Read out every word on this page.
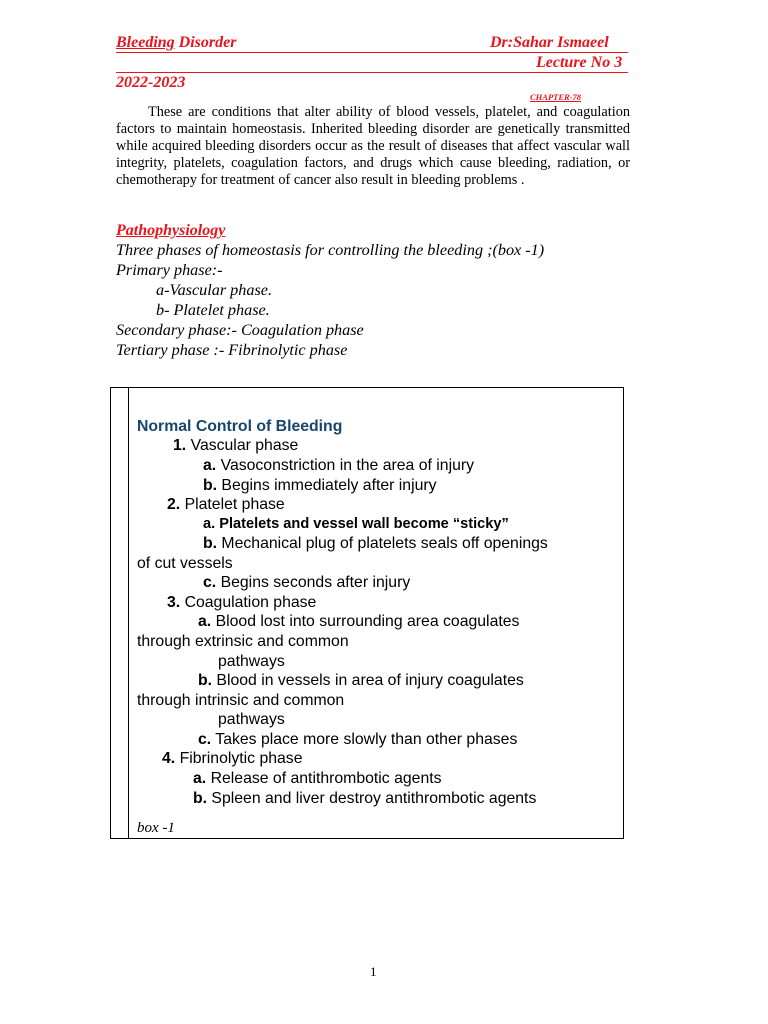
Bleeding Disorder	Dr:Sahar Ismaeel
Lecture No 3
2022-2023
CHAPTER-78
These are conditions that alter ability of blood vessels, platelet, and coagulation factors to maintain homeostasis. Inherited bleeding disorder are genetically transmitted while acquired bleeding disorders occur as the result of diseases that affect vascular wall integrity, platelets, coagulation factors, and drugs which cause bleeding, radiation, or chemotherapy for treatment of cancer also result in bleeding problems .
Pathophysiology
Three phases of homeostasis for controlling the bleeding ;(box -1)
Primary phase:-
a-Vascular phase.
b- Platelet phase.
Secondary phase:- Coagulation phase
Tertiary phase :- Fibrinolytic phase
Normal Control of Bleeding
1. Vascular phase
a. Vasoconstriction in the area of injury
b. Begins immediately after injury
2. Platelet phase
a. Platelets and vessel wall become “sticky”
b. Mechanical plug of platelets seals off openings
of cut vessels
c. Begins seconds after injury
3. Coagulation phase
a. Blood lost into surrounding area coagulates
through extrinsic and common
pathways
b. Blood in vessels in area of injury coagulates
through intrinsic and common
pathways
c. Takes place more slowly than other phases
4. Fibrinolytic phase
a. Release of antithrombotic agents
b. Spleen and liver destroy antithrombotic agents
box -1
1
